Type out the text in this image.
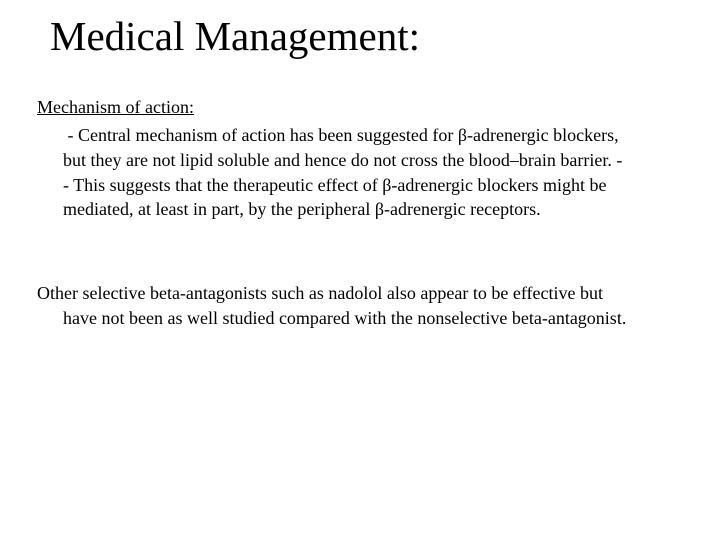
Medical Management:
Mechanism of action:
- Central mechanism of action has been suggested for β-adrenergic blockers,
but they are not lipid soluble and hence do not cross the blood–brain barrier. -
- This suggests that the therapeutic effect of β-adrenergic blockers might be
mediated, at least in part, by the peripheral β-adrenergic receptors.
Other selective beta-antagonists such as nadolol also appear to be effective but
have not been as well studied compared with the nonselective beta-antagonist.
